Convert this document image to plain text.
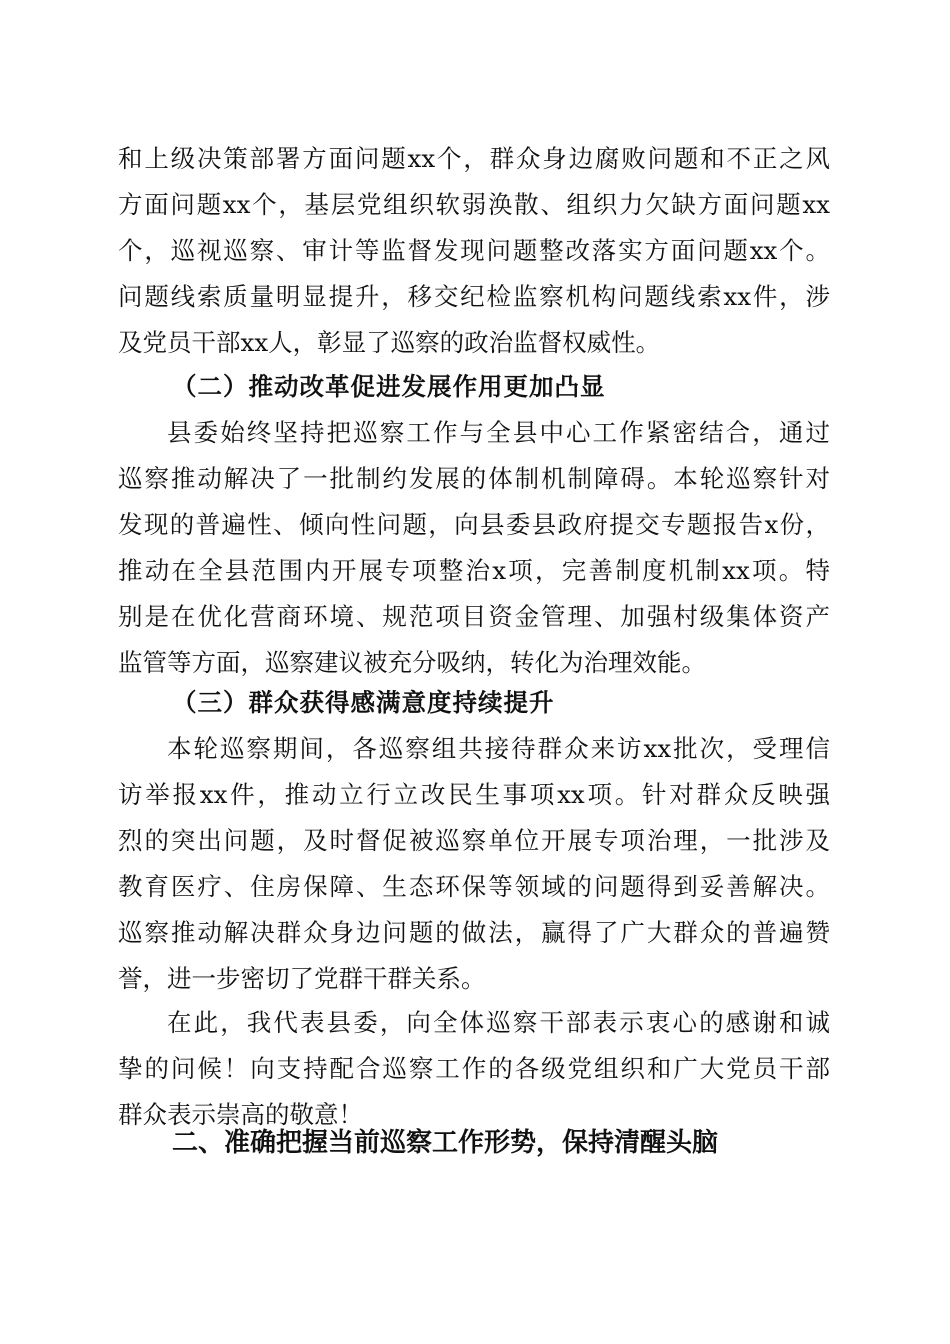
和上级决策部署方面问题xx个，群众身边腐败问题和不正之风
方面问题xx个，基层党组织软弱涣散、组织力欠缺方面问题xx
个，巡视巡察、审计等监督发现问题整改落实方面问题xx个。
问题线索质量明显提升，移交纪检监察机构问题线索xx件，涉
及党员干部xx人，彰显了巡察的政治监督权威性。
（二）推动改革促进发展作用更加凸显
县委始终坚持把巡察工作与全县中心工作紧密结合，通过
巡察推动解决了一批制约发展的体制机制障碍。本轮巡察针对
发现的普遍性、倾向性问题，向县委县政府提交专题报告x份，
推动在全县范围内开展专项整治x项，完善制度机制xx项。特
别是在优化营商环境、规范项目资金管理、加强村级集体资产
监管等方面，巡察建议被充分吸纳，转化为治理效能。
（三）群众获得感满意度持续提升
本轮巡察期间，各巡察组共接待群众来访xx批次，受理信
访举报xx件，推动立行立改民生事项xx项。针对群众反映强
烈的突出问题，及时督促被巡察单位开展专项治理，一批涉及
教育医疗、住房保障、生态环保等领域的问题得到妥善解决。
巡察推动解决群众身边问题的做法，赢得了广大群众的普遍赞
誉，进一步密切了党群干群关系。
在此，我代表县委，向全体巡察干部表示衷心的感谢和诚
挚的问候！向支持配合巡察工作的各级党组织和广大党员干部
群众表示崇高的敬意！
二、准确把握当前巡察工作形势，保持清醒头脑
